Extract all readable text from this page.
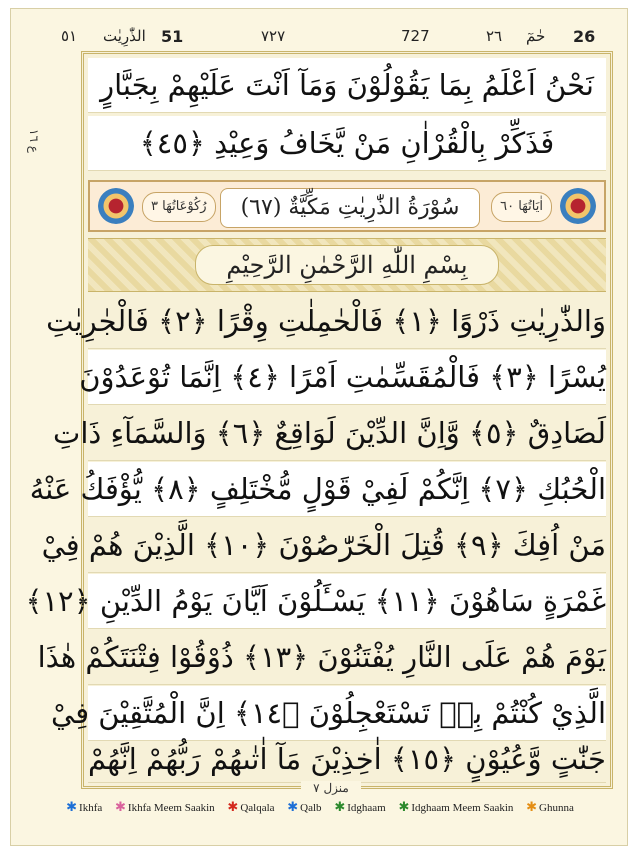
٥١ الذّٰرِيٰت 51	٧٢٧	727	٢٦ حٰمٓ 26
ع ١٦
نَحْنُ اَعْلَمُ بِمَا يَقُوْلُوْنَ وَمَآ اَنْتَ عَلَيْهِمْ بِجَبَّارٍ
فَذَكِّرْ بِالْقُرْاٰنِ مَنْ يَّخَافُ وَعِيْدِ ﴿٤٥﴾
اٰيَاتُهَا ٦٠
سُوْرَةُ الذّٰرِيٰتِ مَكِّيَّةٌ (٦٧)
رُكُوْعَاتُهَا ٣
بِسْمِ اللّٰهِ الرَّحْمٰنِ الرَّحِيْمِ
وَالذّٰرِيٰتِ ذَرْوًا ﴿١﴾ فَالْحٰمِلٰتِ وِقْرًا ﴿٢﴾ فَالْجٰرِيٰتِ
يُسْرًا ﴿٣﴾ فَالْمُقَسِّمٰتِ اَمْرًا ﴿٤﴾ اِنَّمَا تُوْعَدُوْنَ
لَصَادِقٌ ﴿٥﴾ وَّاِنَّ الدِّيْنَ لَوَاقِعٌ ﴿٦﴾ وَالسَّمَآءِ ذَاتِ
الْحُبُكِ ﴿٧﴾ اِنَّكُمْ لَفِيْ قَوْلٍ مُّخْتَلِفٍ ﴿٨﴾ يُّؤْفَكُ عَنْهُ
مَنْ اُفِكَ ﴿٩﴾ قُتِلَ الْخَرّٰصُوْنَ ﴿١٠﴾ الَّذِيْنَ هُمْ فِيْ
غَمْرَةٍ سَاهُوْنَ ﴿١١﴾ يَسْـَٔلُوْنَ اَيَّانَ يَوْمُ الدِّيْنِ ﴿١٢﴾
يَوْمَ هُمْ عَلَى النَّارِ يُفْتَنُوْنَ ﴿١٣﴾ ذُوْقُوْا فِتْنَتَكُمْ هٰذَا
الَّذِيْ كُنْتُمْ بِهٖ تَسْتَعْجِلُوْنَ ﴿١٤﴾ اِنَّ الْمُتَّقِيْنَ فِيْ
جَنّٰتٍ وَّعُيُوْنٍ ﴿١٥﴾ اٰخِذِيْنَ مَآ اٰتٰىهُمْ رَبُّهُمْ اِنَّهُمْ
منزل ٧
✱ Ikhfa ✱ Ikhfa Meem Saakin ✱ Qalqala ✱ Qalb ✱ Idghaam ✱ Idghaam Meem Saakin ✱ Ghunna
